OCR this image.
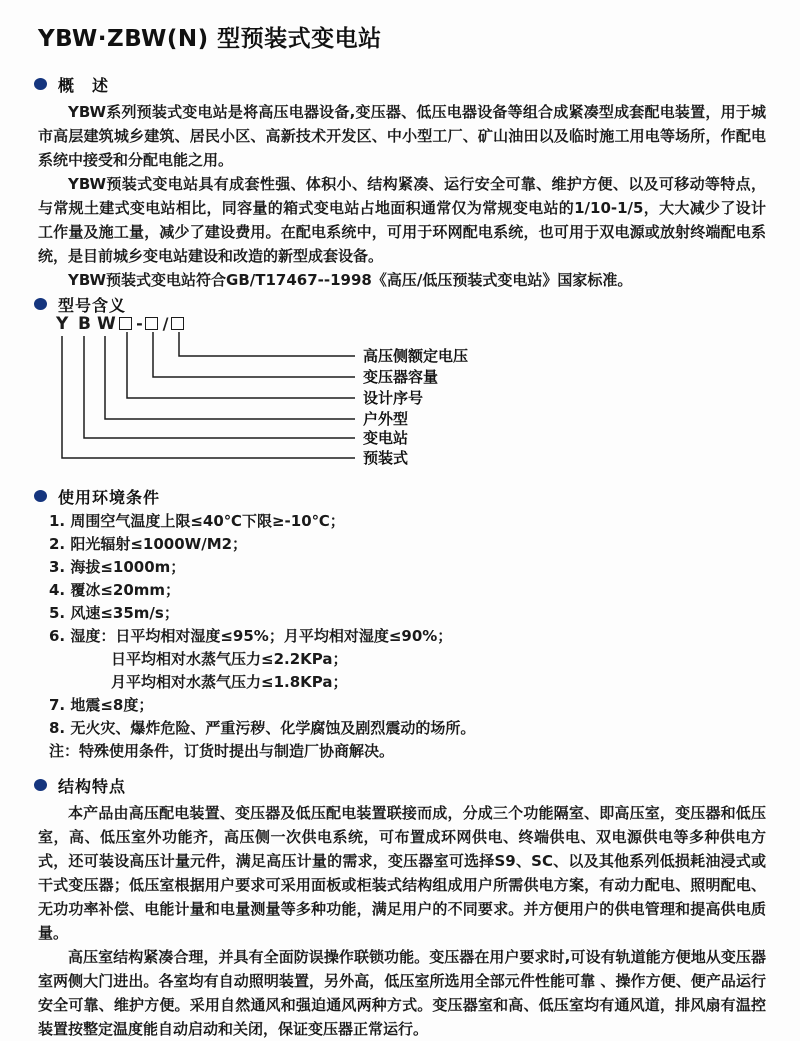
YBW·ZBW(N) 型预装式变电站
概　述

YBW系列预装式变电站是将高压电器设备,变压器、低压电器设备等组合成紧凑型成套配电装置，用于城市高层建筑城乡建筑、居民小区、高新技术开发区、中小型工厂、矿山油田以及临时施工用电等场所，作配电系统中接受和分配电能之用。

YBW预装式变电站具有成套性强、体积小、结构紧凑、运行安全可靠、维护方便、以及可移动等特点，与常规土建式变电站相比，同容量的箱式变电站占地面积通常仅为常规变电站的1/10-1/5，大大减少了设计工作量及施工量，减少了建设费用。在配电系统中，可用于环网配电系统，也可用于双电源或放射终端配电系统，是目前城乡变电站建设和改造的新型成套设备。

YBW预装式变电站符合GB/T17467--1998《高压/低压预装式变电站》国家标准。

型号含义
Y B W - /
高压侧额定电压
变压器容量
设计序号
户外型
变电站
预装式
使用环境条件
1. 周围空气温度上限≤40℃下限≥-10℃；
2. 阳光辐射≤1000W/M2；
3. 海拔≤1000m；
4. 覆冰≤20mm；
5. 风速≤35m/s；
6. 湿度：日平均相对湿度≤95%；月平均相对湿度≤90%；
日平均相对水蒸气压力≤2.2KPa；
月平均相对水蒸气压力≤1.8KPa；
7. 地震≤8度；
8. 无火灾、爆炸危险、严重污秽、化学腐蚀及剧烈震动的场所。
注：特殊使用条件，订货时提出与制造厂协商解决。
结构特点

本产品由高压配电装置、变压器及低压配电装置联接而成，分成三个功能隔室、即高压室，变压器和低压室，高、低压室外功能齐，高压侧一次供电系统，可布置成环网供电、终端供电、双电源供电等多种供电方式，还可装设高压计量元件，满足高压计量的需求，变压器室可选择S9、SC、以及其他系列低损耗油浸式或干式变压器；低压室根据用户要求可采用面板或柜装式结构组成用户所需供电方案，有动力配电、照明配电、无功功率补偿、电能计量和电量测量等多种功能，满足用户的不同要求。并方便用户的供电管理和提高供电质量。

高压室结构紧凑合理，并具有全面防误操作联锁功能。变压器在用户要求时,可设有轨道能方便地从变压器室两侧大门进出。各室均有自动照明装置，另外高，低压室所选用全部元件性能可靠 、操作方便、便产品运行安全可靠、维护方便。采用自然通风和强迫通风两种方式。变压器室和高、低压室均有通风道，排风扇有温控装置按整定温度能自动启动和关闭，保证变压器正常运行。
